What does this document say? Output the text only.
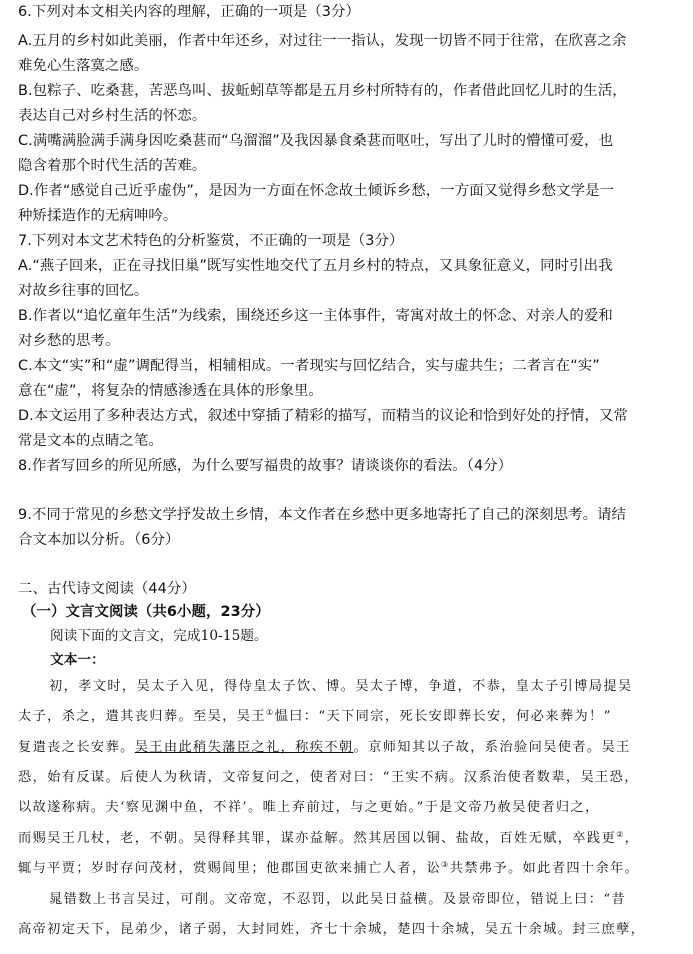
6.下列对本文相关内容的理解，正确的一项是（3分）
A.五月的乡村如此美丽，作者中年还乡，对过往一一指认，发现一切皆不同于往常，在欣喜之余
难免心生落寞之感。
B.包粽子、吃桑葚，苦恶鸟叫、拔蚯蚓草等都是五月乡村所特有的，作者借此回忆儿时的生活，
表达自己对乡村生活的怀恋。
C.满嘴满脸满手满身因吃桑葚而“乌溜溜”及我因暴食桑葚而呕吐，写出了儿时的懵懂可爱，也
隐含着那个时代生活的苦难。
D.作者“感觉自己近乎虚伪”，是因为一方面在怀念故土倾诉乡愁，一方面又觉得乡愁文学是一
种矫揉造作的无病呻吟。
7.下列对本文艺术特色的分析鉴赏，不正确的一项是（3分）
A.“燕子回来，正在寻找旧巢”既写实性地交代了五月乡村的特点，又具象征意义，同时引出我
对故乡往事的回忆。
B.作者以“追忆童年生活”为线索，围绕还乡这一主体事件，寄寓对故土的怀念、对亲人的爱和
对乡愁的思考。
C.本文“实”和“虚”调配得当，相辅相成。一者现实与回忆结合，实与虚共生；二者言在“实”
意在“虚”，将复杂的情感渗透在具体的形象里。
D.本文运用了多种表达方式，叙述中穿插了精彩的描写，而精当的议论和恰到好处的抒情，又常
常是文本的点睛之笔。
8.作者写回乡的所见所感，为什么要写福贵的故事？请谈谈你的看法。（4分）
9.不同于常见的乡愁文学抒发故土乡情，本文作者在乡愁中更多地寄托了自己的深刻思考。请结
合文本加以分析。（6分）
二、古代诗文阅读（44分）
（一）文言文阅读（共6小题，23分）
阅读下面的文言文，完成10-15题。
文本一：
初，孝文时，吴太子入见，得侍皇太子饮、博。吴太子博，争道，不恭，皇太子引博局提吴
太子，杀之，遣其丧归葬。至吴，吴王①愠曰：“天下同宗，死长安即葬长安，何必来葬为！”
复遣丧之长安葬。吴王由此稍失藩臣之礼，称疾不朝。京师知其以子故，系治验问吴使者。吴王
恐，始有反谋。后使人为秋请，文帝复问之，使者对曰：“王实不病。汉系治使者数辈，吴王恐，
以故遂称病。夫‘察见渊中鱼，不祥’。唯上弃前过，与之更始。”于是文帝乃赦吴使者归之，
而赐吴王几杖，老，不朝。吴得释其罪，谋亦益解。然其居国以铜、盐故，百姓无赋，卒践更②，
辄与平贾；岁时存问茂材，赏赐闾里；他郡国吏欲来捕亡人者，讼③共禁弗予。如此者四十余年。
晁错数上书言吴过，可削。文帝宽，不忍罚，以此吴日益横。及景帝即位，错说上曰：“昔
高帝初定天下，昆弟少，诸子弱，大封同姓，齐七十余城，楚四十余城，吴五十余城。封三庶孽，
